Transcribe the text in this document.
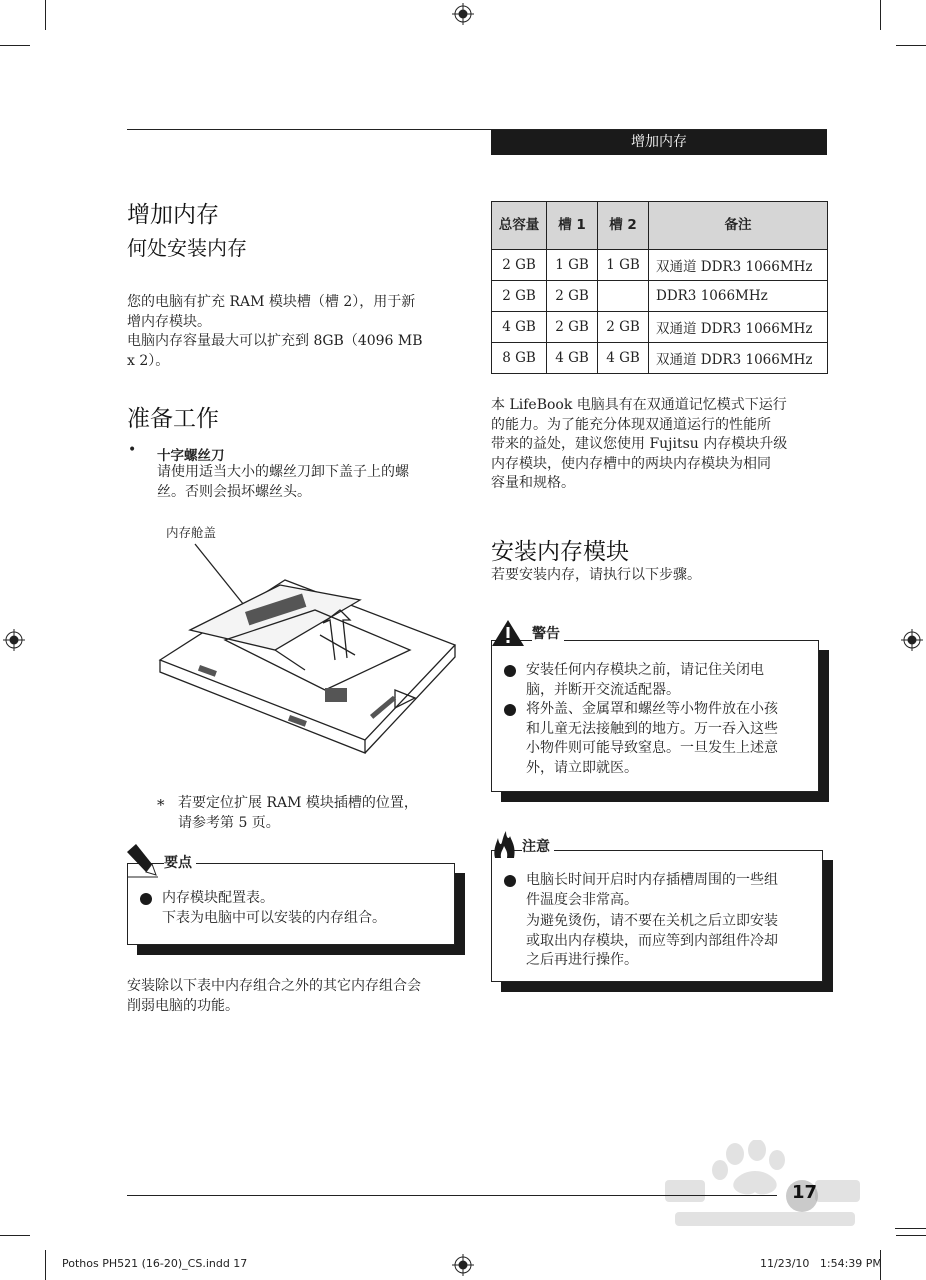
增加内存
增加内存
何处安装内存
您的电脑有扩充 RAM 模块槽（槽 2），用于新
增内存模块。
电脑内存容量最大可以扩充到 8GB（4096 MB
x 2）。
准备工作
• 十字螺丝刀
请使用适当大小的螺丝刀卸下盖子上的螺
丝。否则会损坏螺丝头。
内存舱盖
* 若要定位扩展 RAM 模块插槽的位置，
请参考第 5 页。
内存模块配置表。
下表为电脑中可以安装的内存组合。
要点
安装除以下表中内存组合之外的其它内存组合会
削弱电脑的功能。
总容量	槽 1	槽 2	备注
2 GB	1 GB	1 GB	双通道 DDR3 1066MHz
2 GB	2 GB		DDR3 1066MHz
4 GB	2 GB	2 GB	双通道 DDR3 1066MHz
8 GB	4 GB	4 GB	双通道 DDR3 1066MHz
本 LifeBook 电脑具有在双通道记忆模式下运行
的能力。为了能充分体现双通道运行的性能所
带来的益处，建议您使用 Fujitsu 内存模块升级
内存模块，使内存槽中的两块内存模块为相同
容量和规格。
安装内存模块
若要安装内存，请执行以下步骤。
安装任何内存模块之前，请记住关闭电
脑，并断开交流适配器。
将外盖、金属罩和螺丝等小物件放在小孩
和儿童无法接触到的地方。万一吞入这些
小物件则可能导致窒息。一旦发生上述意
外，请立即就医。
警告
电脑长时间开启时内存插槽周围的一些组
件温度会非常高。
为避免烫伤，请不要在关机之后立即安装
或取出内存模块，而应等到内部组件冷却
之后再进行操作。
注意
17
Pothos PH521 (16-20)_CS.indd 17	11/23/10   1:54:39 PM
